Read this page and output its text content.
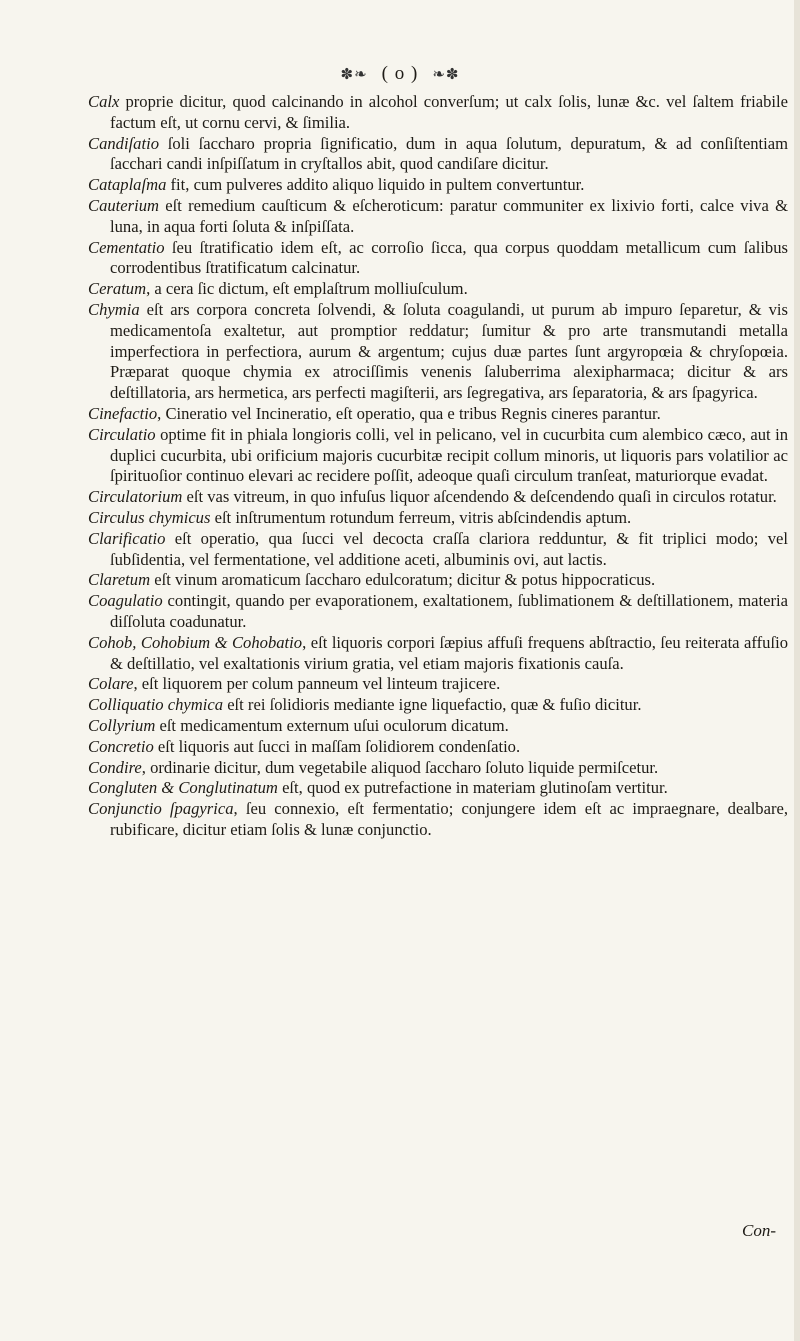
✽❧ ( o ) ❧✽

Calx proprie dicitur, quod calcinando in alcohol converſum; ut calx ſolis, lunæ &c. vel ſaltem friabile factum eſt, ut cornu cervi, & ſimilia.

Candiſatio ſoli ſaccharo propria ſignificatio, dum in aqua ſolutum, depuratum, & ad conſiſtentiam ſacchari candi inſpiſſatum in cryſtallos abit, quod candiſare dicitur.

Cataplaſma fit, cum pulveres addito aliquo liquido in pultem convertuntur.

Cauterium eſt remedium cauſticum & eſcheroticum: paratur communiter ex lixivio forti, calce viva & luna, in aqua forti ſoluta & inſpiſſata.

Cementatio ſeu ſtratificatio idem eſt, ac corroſio ſicca, qua corpus quoddam metallicum cum ſalibus corrodentibus ſtratificatum calcinatur.

Ceratum, a cera ſic dictum, eſt emplaſtrum molliuſculum.

Chymia eſt ars corpora concreta ſolvendi, & ſoluta coagulandi, ut purum ab impuro ſeparetur, & vis medicamentoſa exaltetur, aut promptior reddatur; ſumitur & pro arte transmutandi metalla imperfectiora in perfectiora, aurum & argentum; cujus duæ partes ſunt argyropœia & chryſopœia. Præparat quoque chymia ex atrociſſimis venenis ſaluberrima alexipharmaca; dicitur & ars deſtillatoria, ars hermetica, ars perfecti magiſterii, ars ſegregativa, ars ſeparatoria, & ars ſpagyrica.

Cinefactio, Cineratio vel Incineratio, eſt operatio, qua e tribus Regnis cineres parantur.

Circulatio optime fit in phiala longioris colli, vel in pelicano, vel in cucurbita cum alembico cæco, aut in duplici cucurbita, ubi orificium majoris cucurbitæ recipit collum minoris, ut liquoris pars volatilior ac ſpirituoſior continuo elevari ac recidere poſſit, adeoque quaſi circulum tranſeat, maturiorque evadat.

Circulatorium eſt vas vitreum, in quo infuſus liquor aſcendendo & deſcendendo quaſi in circulos rotatur.

Circulus chymicus eſt inſtrumentum rotundum ferreum, vitris abſcindendis aptum.

Clarificatio eſt operatio, qua ſucci vel decocta craſſa clariora redduntur, & fit triplici modo; vel ſubſidentia, vel fermentatione, vel additione aceti, albuminis ovi, aut lactis.

Claretum eſt vinum aromaticum ſaccharo edulcoratum; dicitur & potus hippocraticus.

Coagulatio contingit, quando per evaporationem, exaltationem, ſublimationem & deſtillationem, materia diſſoluta coadunatur.

Cohob, Cohobium & Cohobatio, eſt liquoris corpori ſæpius affuſi frequens abſtractio, ſeu reiterata affuſio & deſtillatio, vel exaltationis virium gratia, vel etiam majoris fixationis cauſa.

Colare, eſt liquorem per colum panneum vel linteum trajicere.

Colliquatio chymica eſt rei ſolidioris mediante igne liquefactio, quæ & fuſio dicitur.

Collyrium eſt medicamentum externum uſui oculorum dicatum.

Concretio eſt liquoris aut ſucci in maſſam ſolidiorem condenſatio.

Condire, ordinarie dicitur, dum vegetabile aliquod ſaccharo ſoluto liquide permiſcetur.

Congluten & Conglutinatum eſt, quod ex putrefactione in materiam glutinoſam vertitur.

Conjunctio ſpagyrica, ſeu connexio, eſt fermentatio; conjungere idem eſt ac impraegnare, dealbare, rubificare, dicitur etiam ſolis & lunæ conjunctio.

Con-
